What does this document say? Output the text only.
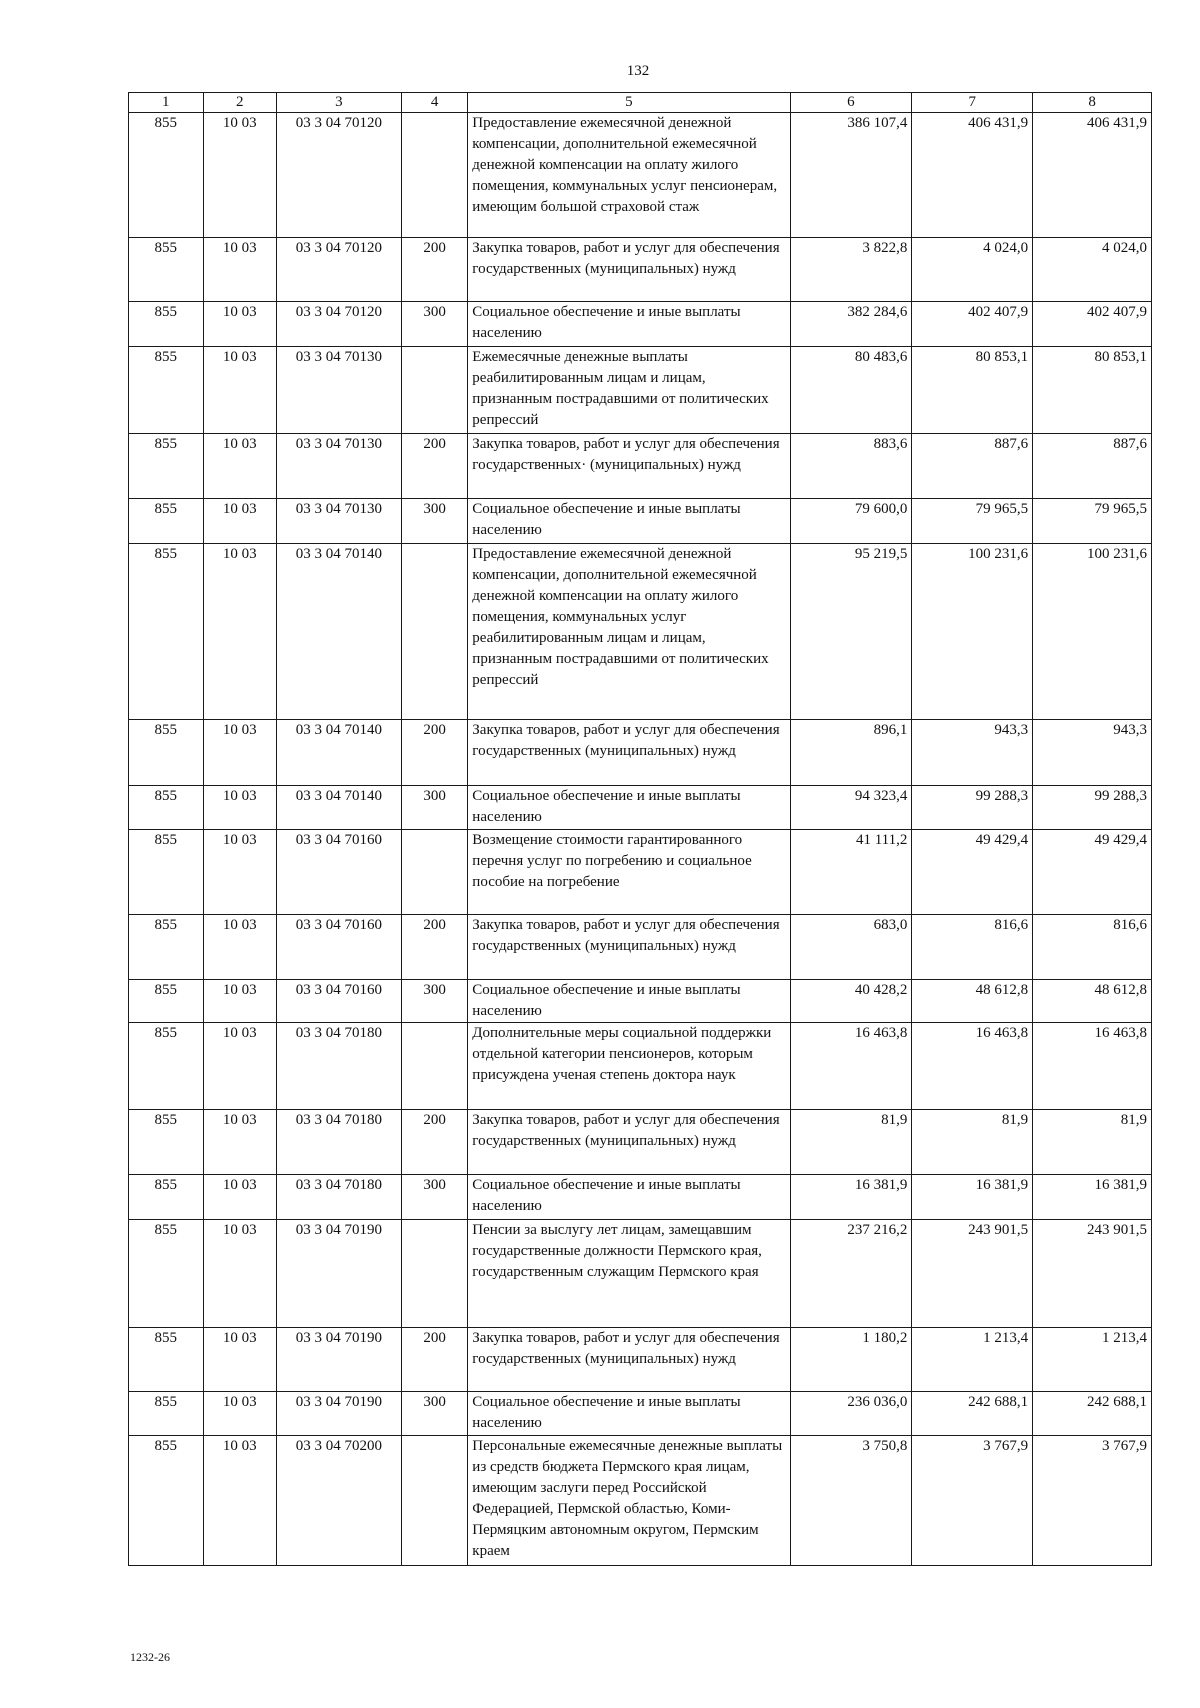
132
1	2	3	4	5	6	7	8
855	10 03	03 3 04 70120		Предоставление ежемесячной денежной компенсации, дополнительной ежемесячной денежной компенсации на оплату жилого помещения, коммунальных услуг пенсионерам, имеющим большой страховой стаж	386 107,4	406 431,9	406 431,9
855	10 03	03 3 04 70120	200	Закупка товаров, работ и услуг для обеспечения государственных (муниципальных) нужд	3 822,8	4 024,0	4 024,0
855	10 03	03 3 04 70120	300	Социальное обеспечение и иные выплаты населению	382 284,6	402 407,9	402 407,9
855	10 03	03 3 04 70130		Ежемесячные денежные выплаты реабилитированным лицам и лицам, признанным пострадавшими от политических репрессий	80 483,6	80 853,1	80 853,1
855	10 03	03 3 04 70130	200	Закупка товаров, работ и услуг для обеспечения государственных· (муниципальных) нужд	883,6	887,6	887,6
855	10 03	03 3 04 70130	300	Социальное обеспечение и иные выплаты населению	79 600,0	79 965,5	79 965,5
855	10 03	03 3 04 70140		Предоставление ежемесячной денежной компенсации, дополнительной ежемесячной денежной компенсации на оплату жилого помещения, коммунальных услуг реабилитированным лицам и лицам, признанным пострадавшими от политических репрессий	95 219,5	100 231,6	100 231,6
855	10 03	03 3 04 70140	200	Закупка товаров, работ и услуг для обеспечения государственных (муниципальных) нужд	896,1	943,3	943,3
855	10 03	03 3 04 70140	300	Социальное обеспечение и иные выплаты населению	94 323,4	99 288,3	99 288,3
855	10 03	03 3 04 70160		Возмещение стоимости гарантированного перечня услуг по погребению и социальное пособие на погребение	41 111,2	49 429,4	49 429,4
855	10 03	03 3 04 70160	200	Закупка товаров, работ и услуг для обеспечения государственных (муниципальных) нужд	683,0	816,6	816,6
855	10 03	03 3 04 70160	300	Социальное обеспечение и иные выплаты населению	40 428,2	48 612,8	48 612,8
855	10 03	03 3 04 70180		Дополнительные меры социальной поддержки отдельной категории пенсионеров, которым присуждена ученая степень доктора наук	16 463,8	16 463,8	16 463,8
855	10 03	03 3 04 70180	200	Закупка товаров, работ и услуг для обеспечения государственных (муниципальных) нужд	81,9	81,9	81,9
855	10 03	03 3 04 70180	300	Социальное обеспечение и иные выплаты населению	16 381,9	16 381,9	16 381,9
855	10 03	03 3 04 70190		Пенсии за выслугу лет лицам, замещавшим государственные должности Пермского края, государственным служащим Пермского края	237 216,2	243 901,5	243 901,5
855	10 03	03 3 04 70190	200	Закупка товаров, работ и услуг для обеспечения государственных (муниципальных) нужд	1 180,2	1 213,4	1 213,4
855	10 03	03 3 04 70190	300	Социальное обеспечение и иные выплаты населению	236 036,0	242 688,1	242 688,1
855	10 03	03 3 04 70200		Персональные ежемесячные денежные выплаты из средств бюджета Пермского края лицам, имеющим заслуги перед Российской Федерацией, Пермской областью, Коми-Пермяцким автономным округом, Пермским краем	3 750,8	3 767,9	3 767,9
1232-26
